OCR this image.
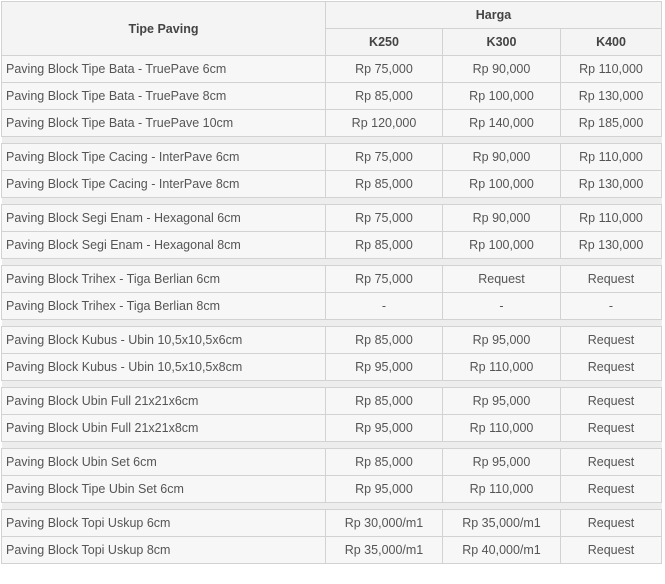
Tipe Paving	Harga		
	K250	K300	K400
Paving Block Tipe Bata - TruePave 6cm	Rp 75,000	Rp 90,000	Rp 110,000
Paving Block Tipe Bata - TruePave 8cm	Rp 85,000	Rp 100,000	Rp 130,000
Paving Block Tipe Bata - TruePave 10cm	Rp 120,000	Rp 140,000	Rp 185,000

Paving Block Tipe Cacing - InterPave 6cm	Rp 75,000	Rp 90,000	Rp 110,000
Paving Block Tipe Cacing - InterPave 8cm	Rp 85,000	Rp 100,000	Rp 130,000

Paving Block Segi Enam - Hexagonal 6cm	Rp 75,000	Rp 90,000	Rp 110,000
Paving Block Segi Enam - Hexagonal 8cm	Rp 85,000	Rp 100,000	Rp 130,000

Paving Block Trihex - Tiga Berlian 6cm	Rp 75,000	Request	Request
Paving Block Trihex - Tiga Berlian 8cm	-	-	-

Paving Block Kubus - Ubin 10,5x10,5x6cm	Rp 85,000	Rp 95,000	Request
Paving Block Kubus - Ubin 10,5x10,5x8cm	Rp 95,000	Rp 110,000	Request

Paving Block Ubin Full 21x21x6cm	Rp 85,000	Rp 95,000	Request
Paving Block Ubin Full 21x21x8cm	Rp 95,000	Rp 110,000	Request

Paving Block Ubin Set 6cm	Rp 85,000	Rp 95,000	Request
Paving Block Tipe Ubin Set 6cm	Rp 95,000	Rp 110,000	Request

Paving Block Topi Uskup 6cm	Rp 30,000/m1	Rp 35,000/m1	Request
Paving Block Topi Uskup 8cm	Rp 35,000/m1	Rp 40,000/m1	Request
